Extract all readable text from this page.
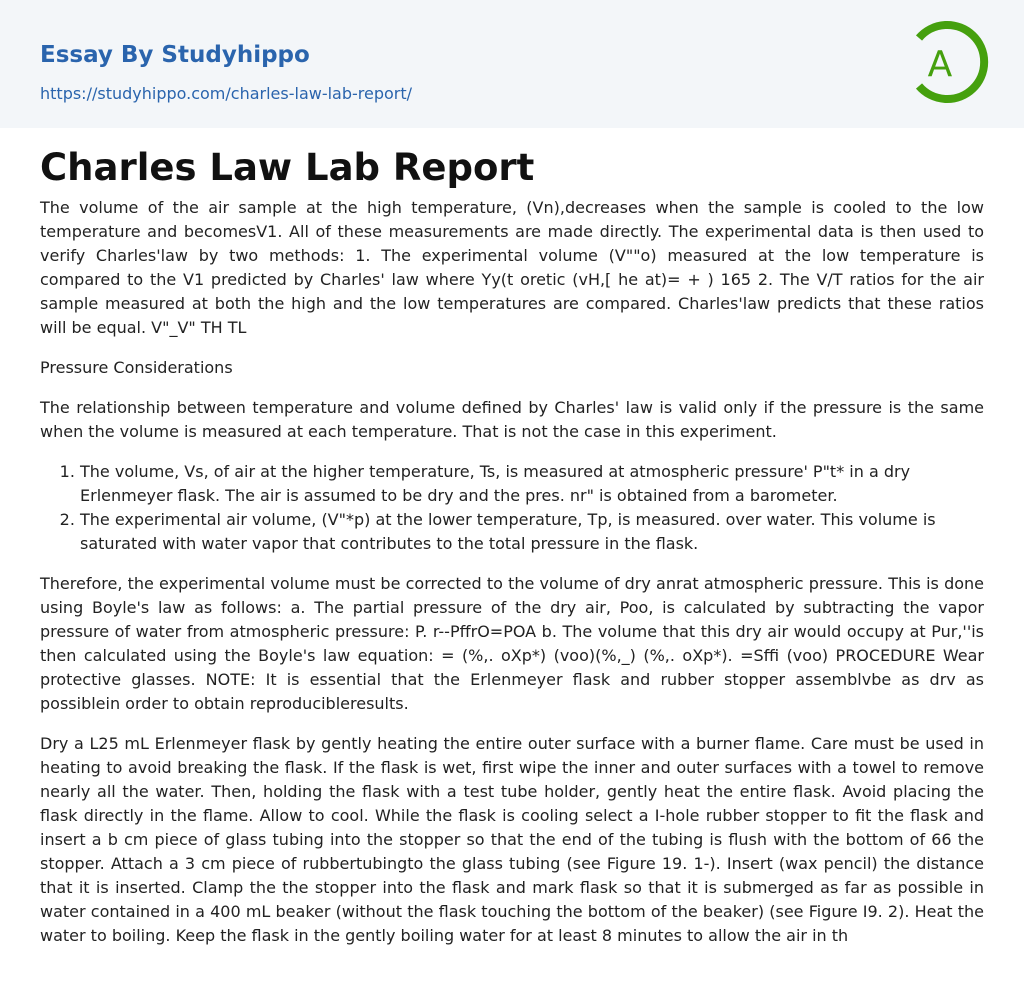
Essay By Studyhippo
https://studyhippo.com/charles-law-lab-report/
A
Charles Law Lab Report

The volume of the air sample at the high temperature, (Vn),decreases when the sample is cooled to the low temperature and becomesV1. All of these measurements are made directly. The experimental data is then used to verify Charles'law by two methods: 1. The experimental volume (V""o) measured at the low temperature is compared to the V1 predicted by Charles' law where Yy(t oretic (vH,[ he at)= + ) 165 2. The V/T ratios for the air sample measured at both the high and the low temperatures are compared. Charles'law predicts that these ratios will be equal. V"_V" TH TL

Pressure Considerations

The relationship between temperature and volume defined by Charles' law is valid only if the pressure is the same when the volume is measured at each temperature. That is not the case in this experiment.

1. The volume, Vs, of air at the higher temperature, Ts, is measured at atmospheric pressure' P"t* in a dry Erlenmeyer flask. The air is assumed to be dry and the pres. nr" is obtained from a barometer.
2. The experimental air volume, (V"*p) at the lower temperature, Tp, is measured. over water. This volume is saturated with water vapor that contributes to the total pressure in the flask.

Therefore, the experimental volume must be corrected to the volume of dry anrat atmospheric pressure. This is done using Boyle's law as follows: a. The partial pressure of the dry air, Poo, is calculated by subtracting the vapor pressure of water from atmospheric pressure: P. r--PffrO=POA b. The volume that this dry air would occupy at Pur,''is then calculated using the Boyle's law equation: = (%,. oXp*) (voo)(%,_) (%,. oXp*). =Sffi (voo) PROCEDURE Wear protective glasses. NOTE: It is essential that the Erlenmeyer flask and rubber stopper assemblvbe as drv as possiblein order to obtain reproducibleresults.

Dry a L25 mL Erlenmeyer flask by gently heating the entire outer surface with a burner flame. Care must be used in heating to avoid breaking the flask. If the flask is wet, first wipe the inner and outer surfaces with a towel to remove nearly all the water. Then, holding the flask with a test tube holder, gently heat the entire flask. Avoid placing the flask directly in the flame. Allow to cool. While the flask is cooling select a I-hole rubber stopper to fit the flask and insert a b cm piece of glass tubing into the stopper so that the end of the tubing is flush with the bottom of 66 the stopper. Attach a 3 cm piece of rubbertubingto the glass tubing (see Figure 19. 1-). Insert (wax pencil) the distance that it is inserted. Clamp the the stopper into the flask and mark flask so that it is submerged as far as possible in water contained in a 400 mL beaker (without the flask touching the bottom of the beaker) (see Figure I9. 2). Heat the water to boiling. Keep the flask in the gently boiling water for at least 8 minutes to allow the air in th
